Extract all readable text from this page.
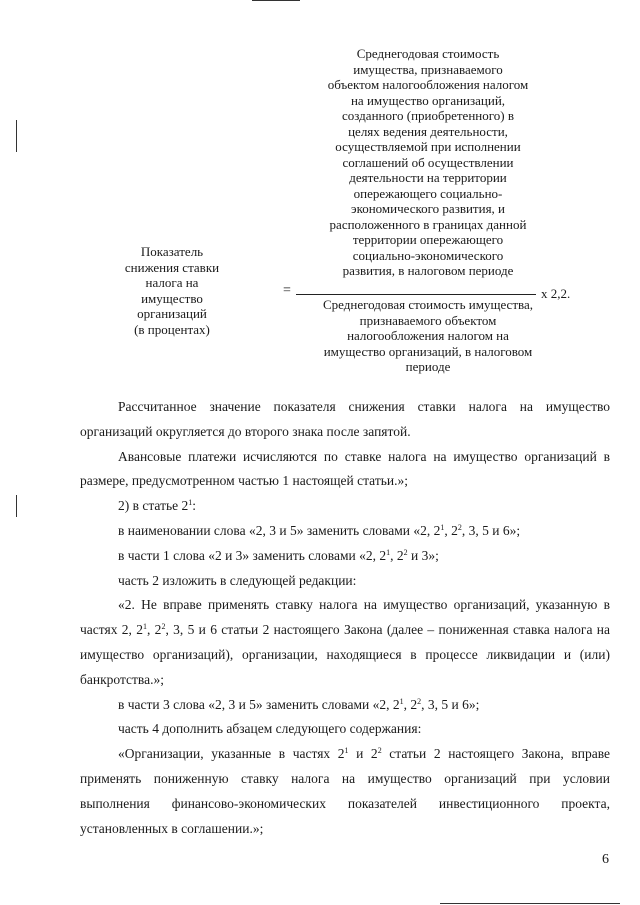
Показатель
снижения ставки
налога на
имущество
организаций
(в процентах)
=
Среднегодовая стоимость
имущества, признаваемого
объектом налогообложения налогом
на имущество организаций,
созданного (приобретенного) в
целях ведения деятельности,
осуществляемой при исполнении
соглашений об осуществлении
деятельности на территории
опережающего социально-
экономического развития, и
расположенного в границах данной
территории опережающего
социально-экономического
развития, в налоговом периоде
Среднегодовая стоимость имущества,
признаваемого объектом
налогообложения налогом на
имущество организаций, в налоговом
периоде
х 2,2.

Рассчитанное значение показателя снижения ставки налога на имущество организаций округляется до второго знака после запятой.

Авансовые платежи исчисляются по ставке налога на имущество организаций в размере, предусмотренном частью 1 настоящей статьи.»;

2) в статье $2^1$:

в наименовании слова «2, 3 и 5» заменить словами «2, $2^1$, $2^2$, 3, 5 и 6»;

в части 1 слова «2 и 3» заменить словами «2, $2^1$, $2^2$ и 3»;

часть 2 изложить в следующей редакции:

«2. Не вправе применять ставку налога на имущество организаций, указанную в частях 2, $2^1$, $2^2$, 3, 5 и 6 статьи 2 настоящего Закона (далее – пониженная ставка налога на имущество организаций), организации, находящиеся в процессе ликвидации и (или) банкротства.»;

в части 3 слова «2, 3 и 5» заменить словами «2, $2^1$, $2^2$, 3, 5 и 6»;

часть 4 дополнить абзацем следующего содержания:

«Организации, указанные в частях $2^1$ и $2^2$ статьи 2 настоящего Закона, вправе применять пониженную ставку налога на имущество организаций при условии выполнения финансово-экономических показателей инвестиционного проекта, установленных в соглашении.»;

6
